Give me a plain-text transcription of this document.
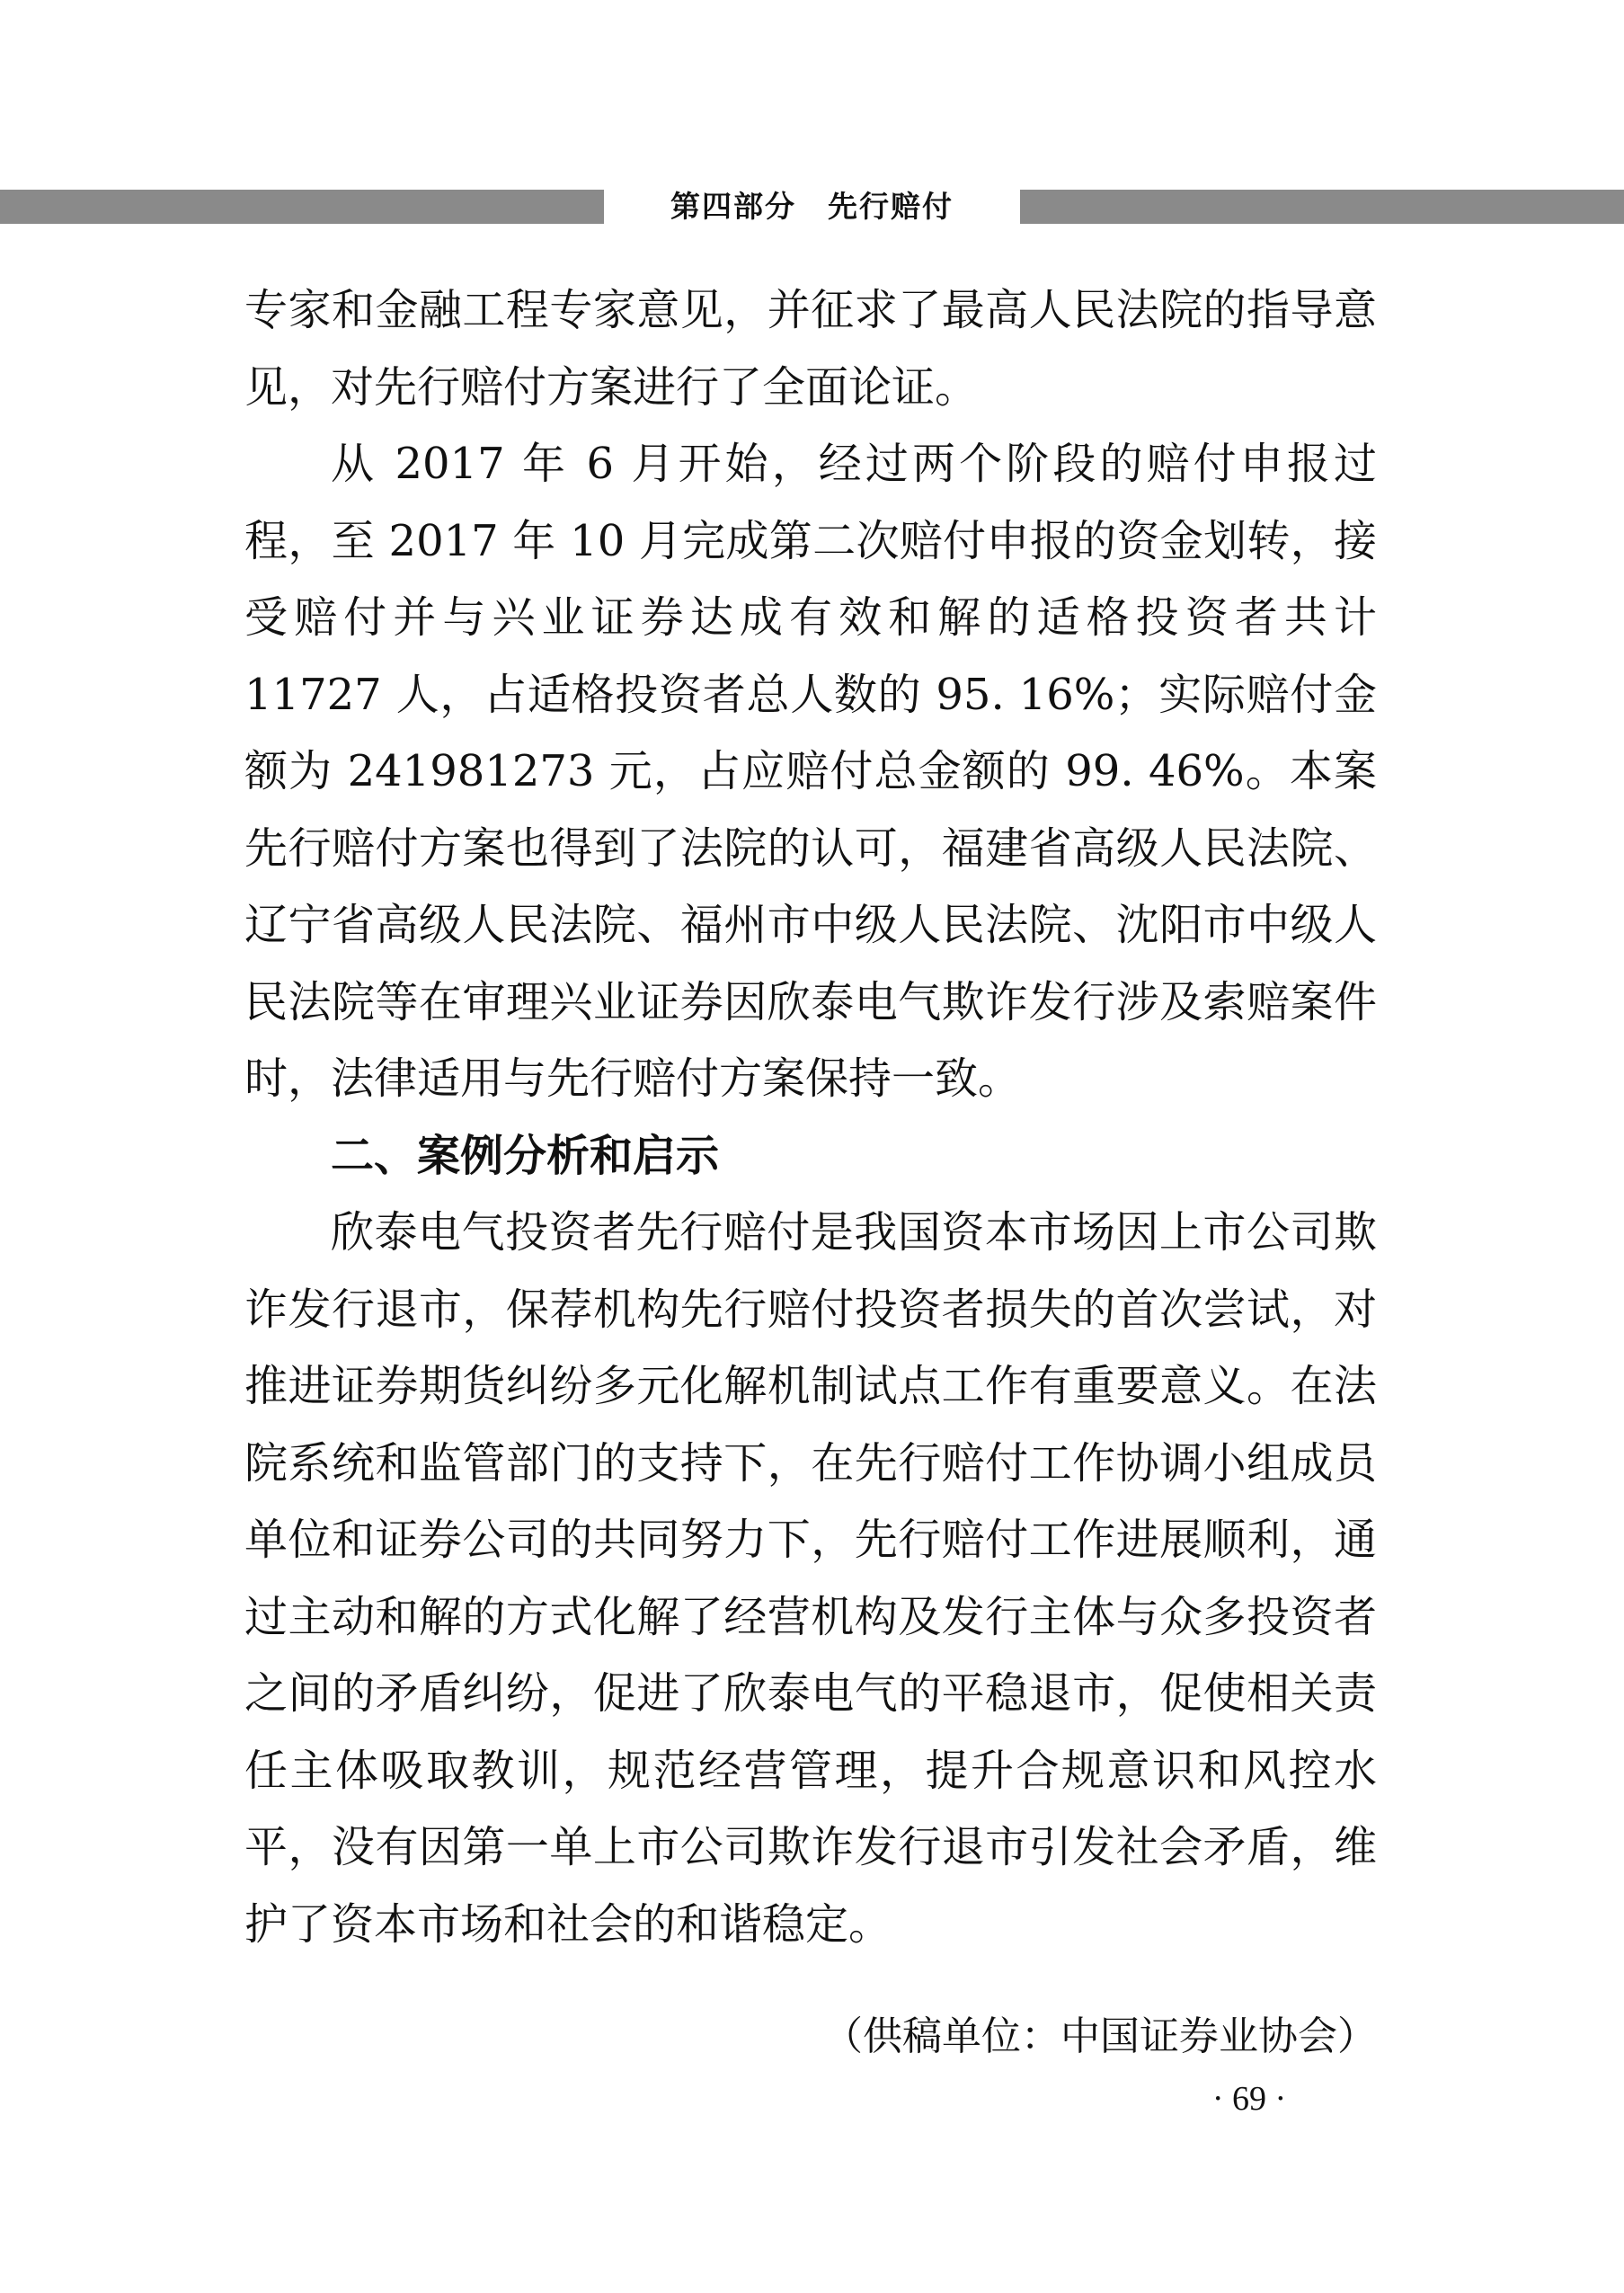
第四部分　先行赔付

专家和金融工程专家意见，并征求了最高人民法院的指导意见，对先行赔付方案进行了全面论证。

从 2017 年 6 月开始，经过两个阶段的赔付申报过程，至 2017 年 10 月完成第二次赔付申报的资金划转，接受赔付并与兴业证券达成有效和解的适格投资者共计 11727 人，占适格投资者总人数的 95. 16%；实际赔付金额为 241981273 元，占应赔付总金额的 99. 46%。本案先行赔付方案也得到了法院的认可，福建省高级人民法院、辽宁省高级人民法院、福州市中级人民法院、沈阳市中级人民法院等在审理兴业证券因欣泰电气欺诈发行涉及索赔案件时，法律适用与先行赔付方案保持一致。

二、案例分析和启示

欣泰电气投资者先行赔付是我国资本市场因上市公司欺诈发行退市，保荐机构先行赔付投资者损失的首次尝试，对推进证券期货纠纷多元化解机制试点工作有重要意义。在法院系统和监管部门的支持下，在先行赔付工作协调小组成员单位和证券公司的共同努力下，先行赔付工作进展顺利，通过主动和解的方式化解了经营机构及发行主体与众多投资者之间的矛盾纠纷，促进了欣泰电气的平稳退市，促使相关责任主体吸取教训，规范经营管理，提升合规意识和风控水平，没有因第一单上市公司欺诈发行退市引发社会矛盾，维护了资本市场和社会的和谐稳定。

（供稿单位：中国证券业协会）
· 69 ·
